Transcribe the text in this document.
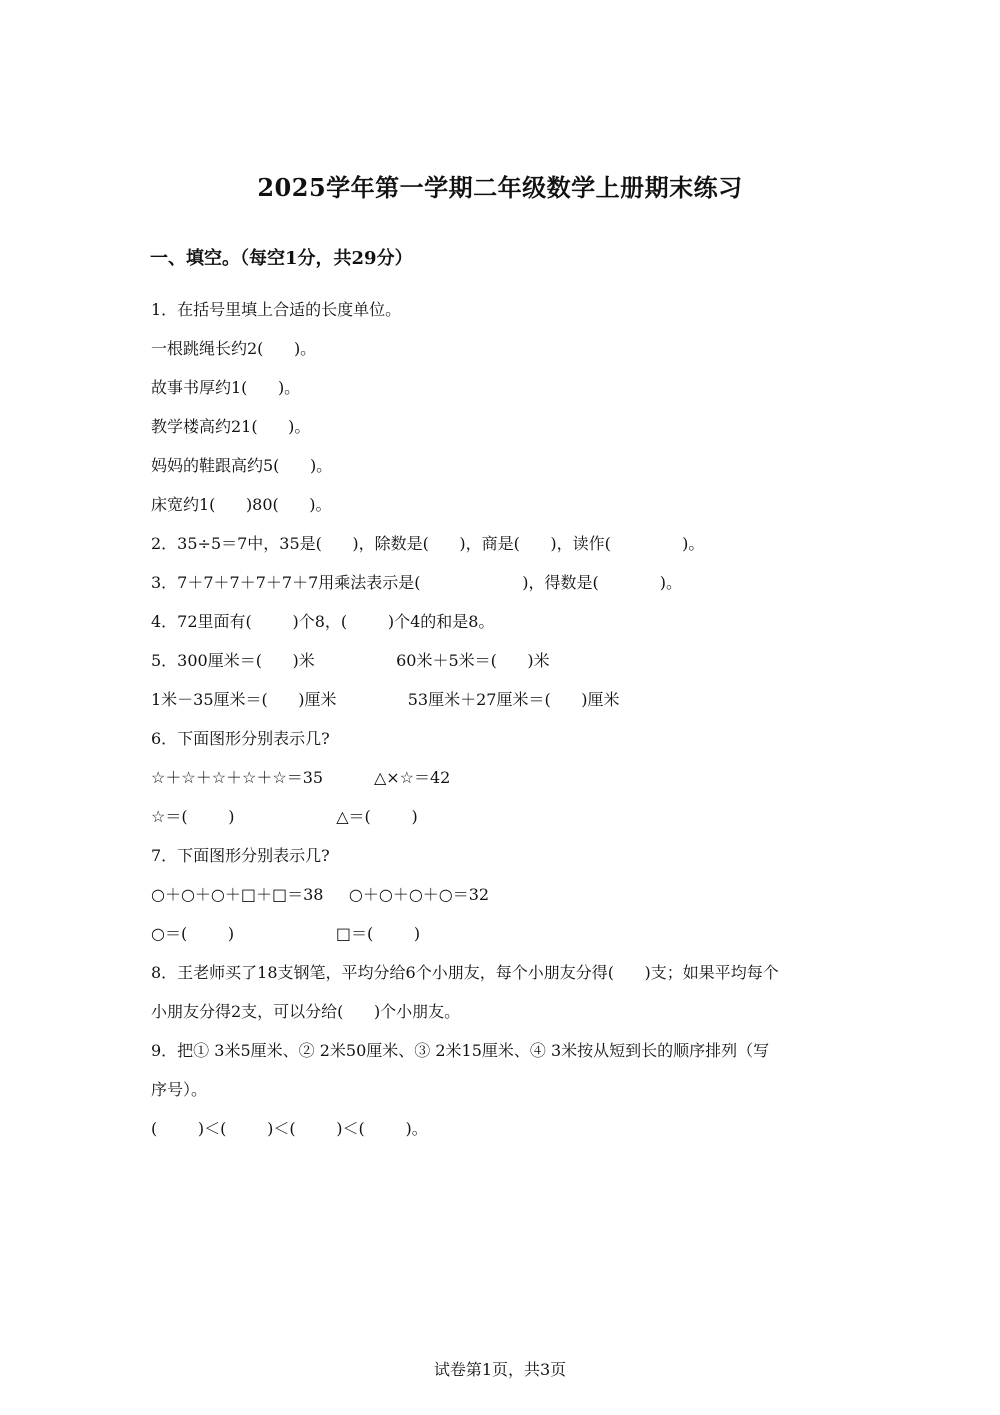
2025学年第一学期二年级数学上册期末练习
一、填空。（每空1分，共29分）
1．在括号里填上合适的长度单位。
一根跳绳长约2(      )。
故事书厚约1(      )。
教学楼高约21(      )。
妈妈的鞋跟高约5(      )。
床宽约1(      )80(      )。
2．35÷5＝7中，35是(      )，除数是(      )，商是(      )，读作(              )。
3．7＋7＋7＋7＋7＋7用乘法表示是(                    )，得数是(            )。
4．72里面有(        )个8，(        )个4的和是8。
5．300厘米＝(      )米                60米＋5米＝(      )米
1米－35厘米＝(      )厘米              53厘米＋27厘米＝(      )厘米
6．下面图形分别表示几?
☆＋☆＋☆＋☆＋☆＝35          △×☆＝42
☆＝(        )                    △＝(        )
7．下面图形分别表示几?
○＋○＋○＋□＋□＝38     ○＋○＋○＋○＝32
○＝(        )                    □＝(        )
8．王老师买了18支钢笔，平均分给6个小朋友，每个小朋友分得(      )支；如果平均每个
小朋友分得2支，可以分给(      )个小朋友。
9．把① 3米5厘米、② 2米50厘米、③ 2米15厘米、④ 3米按从短到长的顺序排列（写
序号）。
(        )＜(        )＜(        )＜(        )。
试卷第1页，共3页
